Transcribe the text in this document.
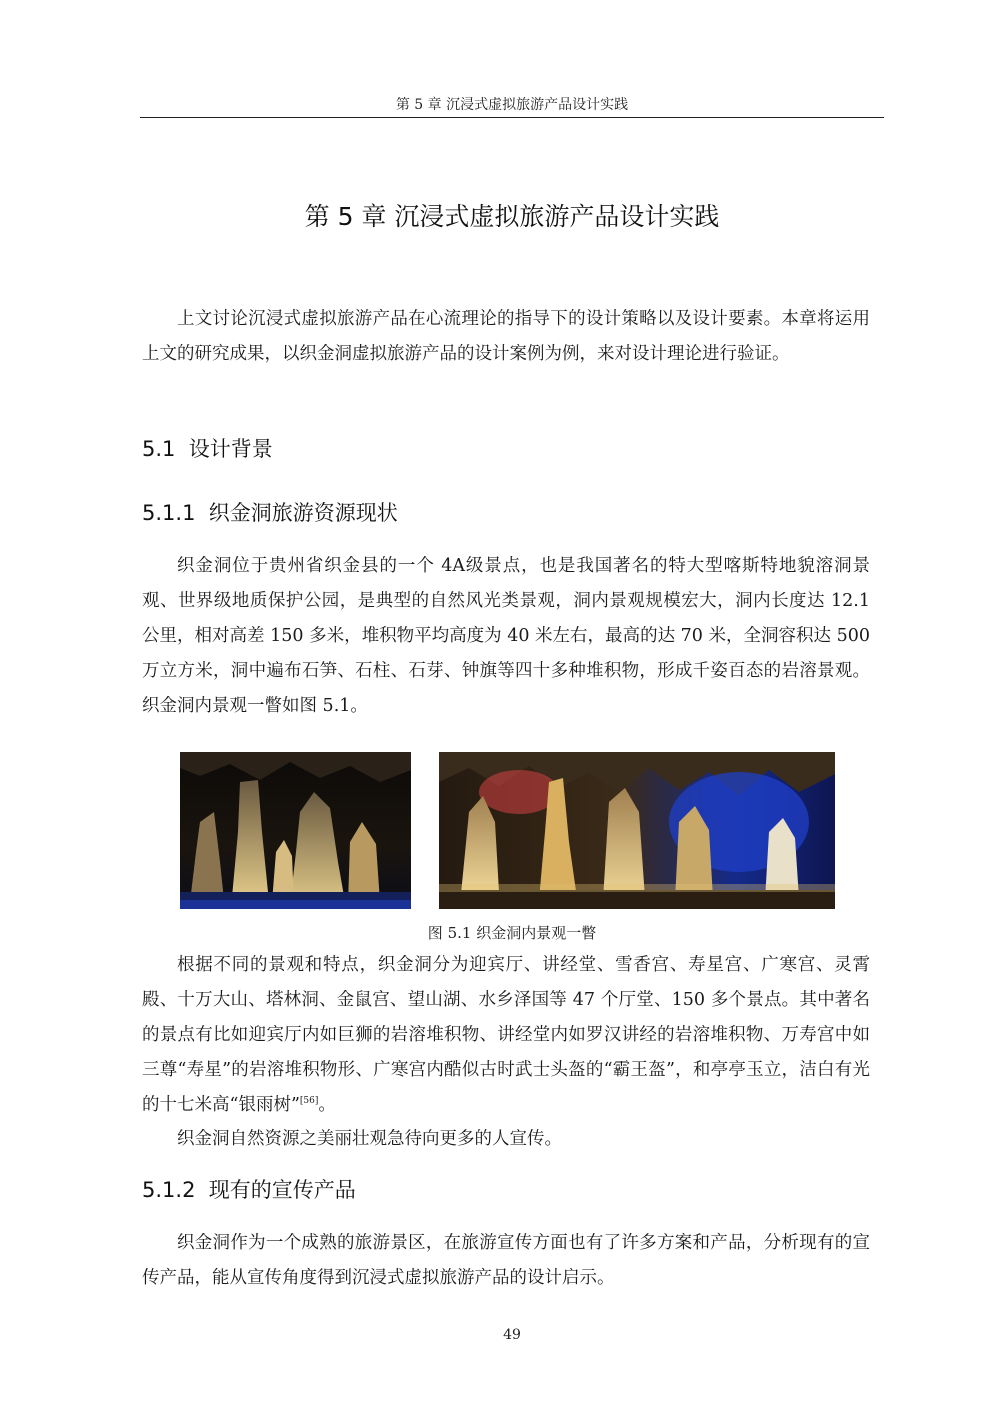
第 5 章 沉浸式虚拟旅游产品设计实践
第 5 章 沉浸式虚拟旅游产品设计实践

上文讨论沉浸式虚拟旅游产品在心流理论的指导下的设计策略以及设计要素。本章将运用上文的研究成果，以织金洞虚拟旅游产品的设计案例为例，来对设计理论进行验证。

5.1 设计背景
5.1.1 织金洞旅游资源现状

织金洞位于贵州省织金县的一个 4A级景点，也是我国著名的特大型喀斯特地貌溶洞景观、世界级地质保护公园，是典型的自然风光类景观，洞内景观规模宏大，洞内长度达 12.1 公里，相对高差 150 多米，堆积物平均高度为 40 米左右，最高的达 70 米，全洞容积达 500 万立方米，洞中遍布石笋、石柱、石芽、钟旗等四十多种堆积物，形成千姿百态的岩溶景观。织金洞内景观一瞥如图 5.1。

图 5.1 织金洞内景观一瞥

根据不同的景观和特点，织金洞分为迎宾厅、讲经堂、雪香宫、寿星宫、广寒宫、灵霄殿、十万大山、塔林洞、金鼠宫、望山湖、水乡泽国等 47 个厅堂、150 多个景点。其中著名的景点有比如迎宾厅内如巨狮的岩溶堆积物、讲经堂内如罗汉讲经的岩溶堆积物、万寿宫中如三尊“寿星”的岩溶堆积物形、广寒宫内酷似古时武士头盔的“霸王盔”，和亭亭玉立，洁白有光的十七米高“银雨树”[56]。

织金洞自然资源之美丽壮观急待向更多的人宣传。

5.1.2 现有的宣传产品

织金洞作为一个成熟的旅游景区，在旅游宣传方面也有了许多方案和产品，分析现有的宣传产品，能从宣传角度得到沉浸式虚拟旅游产品的设计启示。

49
